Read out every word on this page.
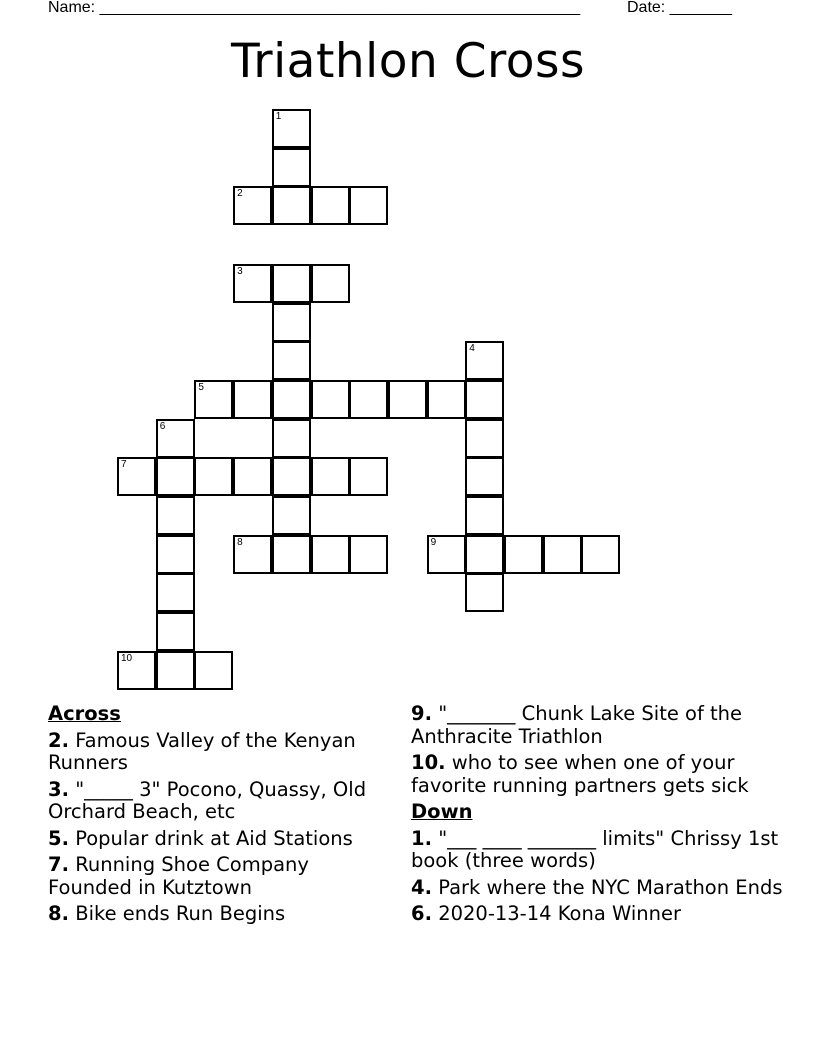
Name: ______________________________________________________	Date: _______
Triathlon Cross
1
2
3
4
5
6
7
8	9
10
Across
2. Famous Valley of the Kenyan Runners
3. "_____ 3" Pocono, Quassy, Old Orchard Beach, etc
5. Popular drink at Aid Stations
7. Running Shoe Company Founded in Kutztown
8. Bike ends Run Begins
9. "_______ Chunk Lake Site of the Anthracite Triathlon
10. who to see when one of your favorite running partners gets sick
Down
1. "___ ____ _______ limits" Chrissy 1st book (three words)
4. Park where the NYC Marathon Ends
6. 2020-13-14 Kona Winner
